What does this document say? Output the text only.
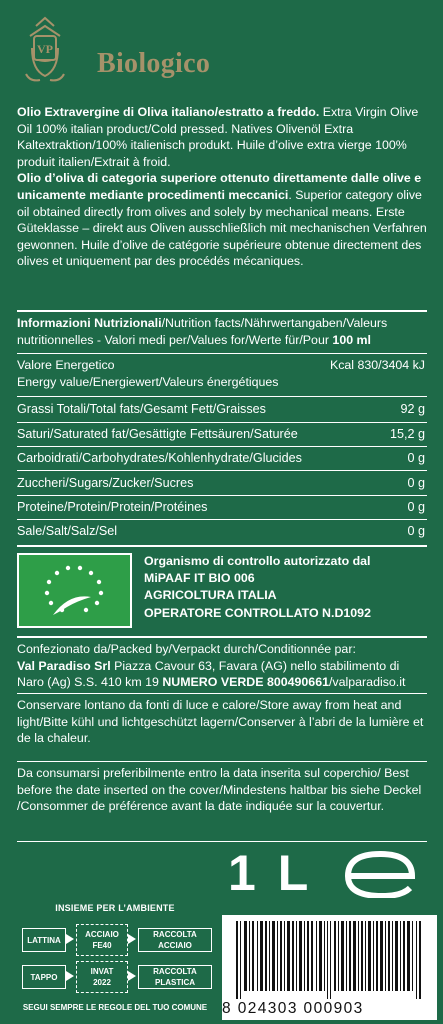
VP Biologico
Olio Extravergine di Oliva italiano/estratto a freddo. Extra Virgin Olive Oil 100% italian product/Cold pressed. Natives Olivenöl Extra Kaltextraktion/100% italienisch produkt. Huile d’olive extra vierge 100% produit italien/Extrait à froid.
Olio d’oliva di categoria superiore ottenuto direttamente dalle olive e unicamente mediante procedimenti meccanici. Superior category olive oil obtained directly from olives and solely by mechanical means. Erste Güteklasse – direkt aus Oliven ausschließlich mit mechanischen Verfahren gewonnen. Huile d’olive de catégorie supérieure obtenue directement des olives et uniquement par des procédés mécaniques.
Informazioni Nutrizionali/Nutrition facts/Nährwertangaben/Valeurs nutritionnelles - Valori medi per/Values for/Werte für/Pour 100 ml
Valore Energetico	Kcal 830/3404 kJ
Energy value/Energiewert/Valeurs énergétiques
Grassi Totali/Total fats/Gesamt Fett/Graisses	92 g
Saturi/Saturated fat/Gesättigte Fettsäuren/Saturée	15,2 g
Carboidrati/Carbohydrates/Kohlenhydrate/Glucides	0 g
Zuccheri/Sugars/Zucker/Sucres	0 g
Proteine/Protein/Protein/Protéines	0 g
Sale/Salt/Salz/Sel	0 g
Organismo di controllo autorizzato dal
MiPAAF IT BIO 006
AGRICOLTURA ITALIA
OPERATORE CONTROLLATO N.D1092
Confezionato da/Packed by/Verpackt durch/Conditionnée par:
Val Paradiso Srl Piazza Cavour 63, Favara (AG) nello stabilimento di
Naro (Ag) S.S. 410 km 19 NUMERO VERDE 800490661/valparadiso.it
Conservare lontano da fonti di luce e calore/Store away from heat and light/Bitte kühl und lichtgeschützt lagern/Conserver à l’abri de la lumière et de la chaleur.
Da consumarsi preferibilmente entro la data inserita sul coperchio/ Best before the date inserted on the cover/Mindestens haltbar bis siehe Deckel /Consommer de préférence avant la date indiquée sur la couvertur.
INSIEME PER L’AMBIENTE
LATTINA
ACCIAIO
FE40
RACCOLTA ACCIAIO
TAPPO
INVAT
2022
RACCOLTA PLASTICA
SEGUI SEMPRE LE REGOLE DEL TUO COMUNE
1 L
8 024303 000903
